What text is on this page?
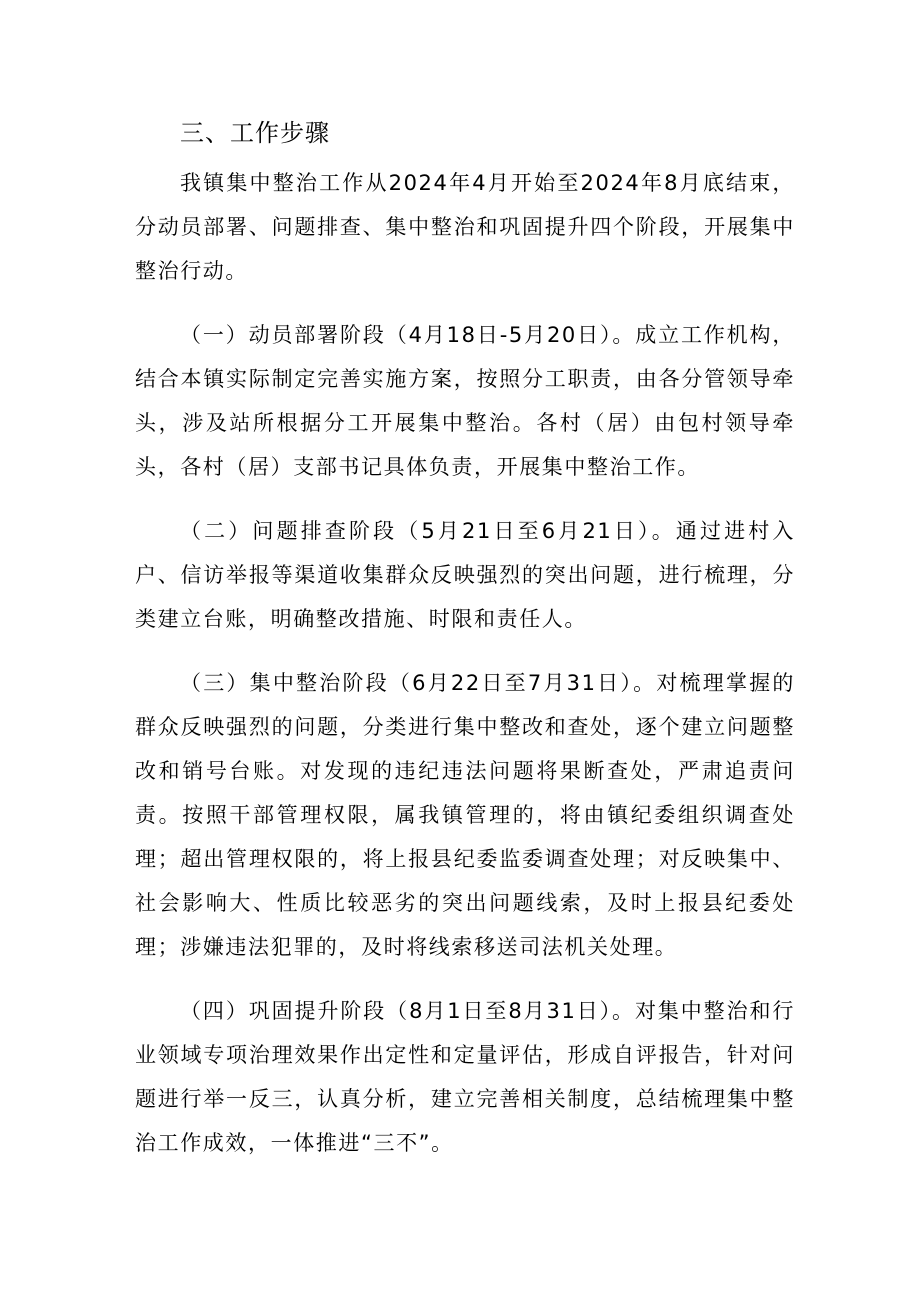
三、工作步骤

我镇集中整治工作从2024年4月开始至2024年8月底结束，分动员部署、问题排查、集中整治和巩固提升四个阶段，开展集中整治行动。

（一）动员部署阶段（4月18日-5月20日）。成立工作机构，结合本镇实际制定完善实施方案，按照分工职责，由各分管领导牵头，涉及站所根据分工开展集中整治。各村（居）由包村领导牵头，各村（居）支部书记具体负责，开展集中整治工作。

（二）问题排查阶段（5月21日至6月21日）。通过进村入户、信访举报等渠道收集群众反映强烈的突出问题，进行梳理，分类建立台账，明确整改措施、时限和责任人。

（三）集中整治阶段（6月22日至7月31日）。对梳理掌握的群众反映强烈的问题，分类进行集中整改和查处，逐个建立问题整改和销号台账。对发现的违纪违法问题将果断查处，严肃追责问责。按照干部管理权限，属我镇管理的，将由镇纪委组织调查处理；超出管理权限的，将上报县纪委监委调查处理；对反映集中、社会影响大、性质比较恶劣的突出问题线索，及时上报县纪委处理；涉嫌违法犯罪的，及时将线索移送司法机关处理。

（四）巩固提升阶段（8月1日至8月31日）。对集中整治和行业领域专项治理效果作出定性和定量评估，形成自评报告，针对问题进行举一反三，认真分析，建立完善相关制度，总结梳理集中整治工作成效，一体推进“三不”。
